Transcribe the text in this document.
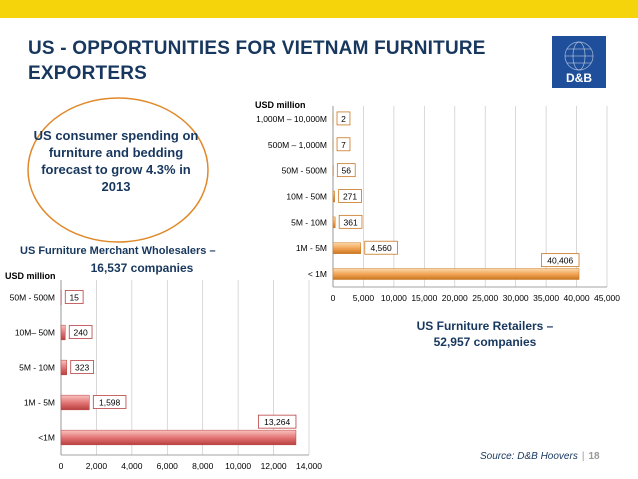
US - OPPORTUNITIES FOR VIETNAM FURNITURE
EXPORTERS	D&B
US consumer spending on furniture and bedding forecast to grow 4.3% in 2013
0 5,000 10,000 15,000 20,000 25,000 30,000 35,000 40,000 45,000
1,000M – 10,000M 2
500M – 1,000M 7
50M - 500M 56
10M - 50M 271
5M - 10M 361
1M - 5M	4,560
< 1M
40,406
US Furniture Retailers –
52,957 companies
USD million
0	2,000 4,000 6,000 8,000 10,000 12,000 14,000
50M - 500M 15
10M– 50M 240
5M - 10M 323
1M - 5M	1,598
<1M
13,264
US Furniture Merchant Wholesalers –
16,537 companies
USD million
Source: D&B Hoovers | 18
